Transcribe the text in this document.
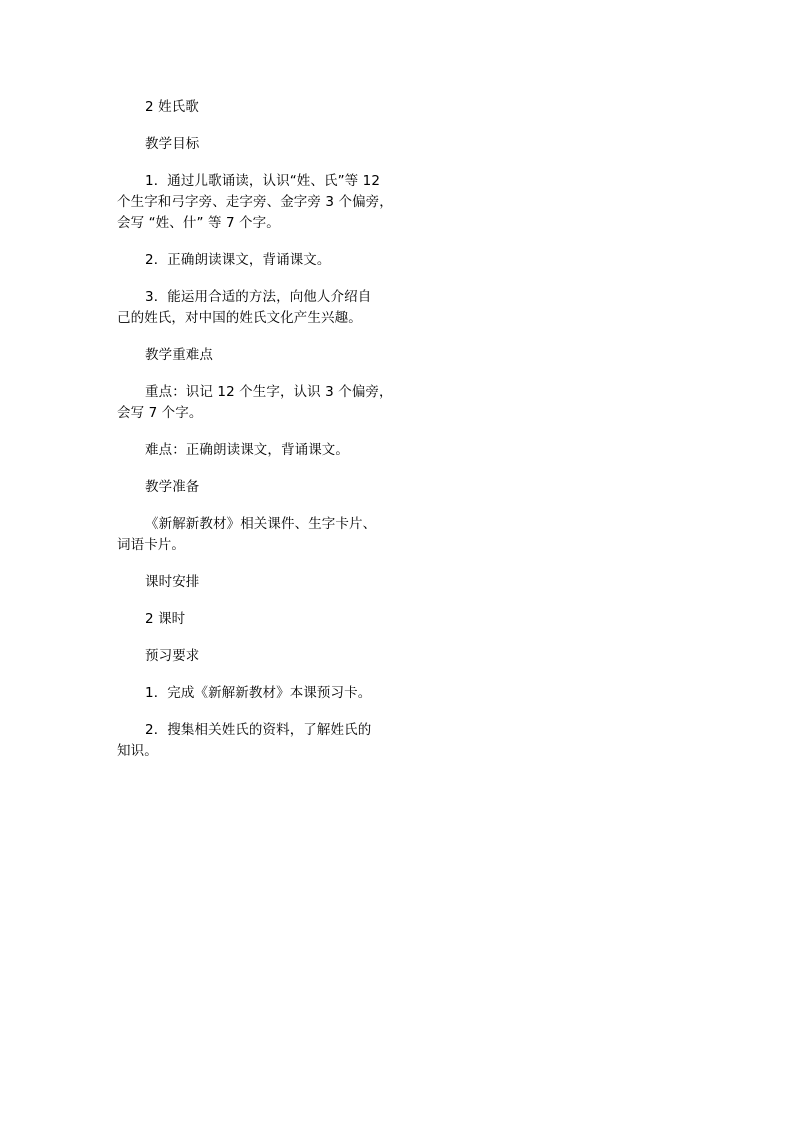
2 姓氏歌

教学目标

1．通过儿歌诵读，认识“姓、氏”等 12
个生字和弓字旁、走字旁、金字旁 3 个偏旁，
会写 “姓、什” 等 7 个字。

2．正确朗读课文，背诵课文。

3．能运用合适的方法，向他人介绍自
己的姓氏，对中国的姓氏文化产生兴趣。

教学重难点

重点：识记 12 个生字，认识 3 个偏旁，
会写 7 个字。

难点：正确朗读课文，背诵课文。

教学准备

《新解新教材》相关课件、生字卡片、
词语卡片。

课时安排

2 课时

预习要求

1．完成《新解新教材》本课预习卡。

2．搜集相关姓氏的资料，了解姓氏的
知识。
